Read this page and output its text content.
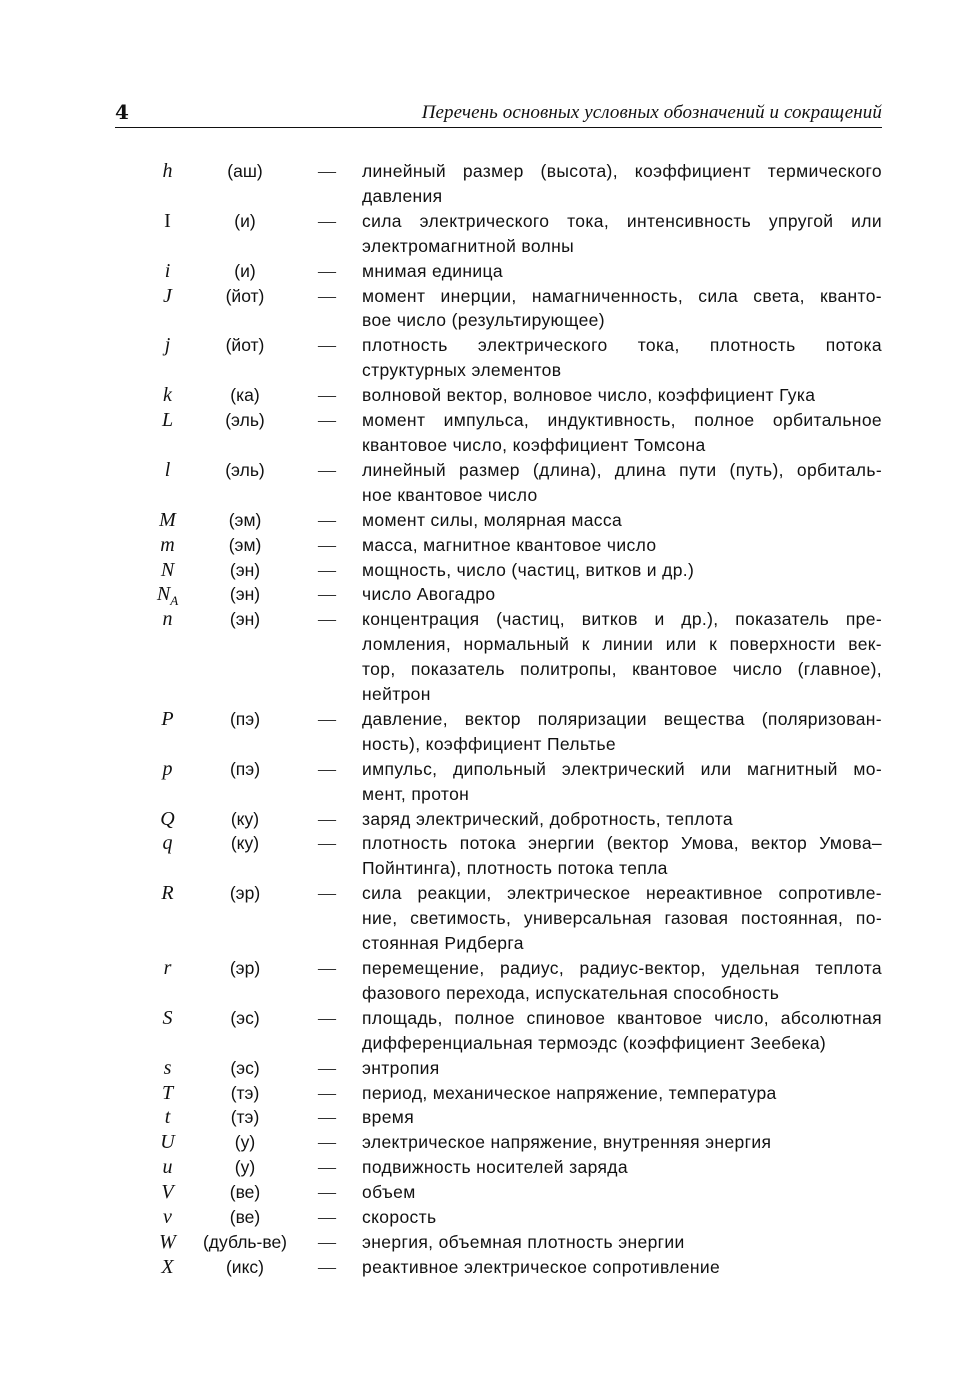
4	Перечень основных условных обозначений и сокращений
h	(аш)	— линейный размер (высота), коэффициент термического
давления
I	(и)	— сила электрического тока, интенсивность упругой или
электромагнитной волны
i	(и)	— мнимая единица
J	(йот)	— момент инерции, намагниченность, сила света, кванто-
вое число (результирующее)
j	(йот)	— плотность электрического тока, плотность потока
структурных элементов
k	(ка)	— волновой вектор, волновое число, коэффициент Гука
L	(эль)	— момент импульса, индуктивность, полное орбитальное
квантовое число, коэффициент Томсона
l	(эль)	— линейный размер (длина), длина пути (путь), орбиталь-
ное квантовое число
M	(эм)	— момент силы, молярная масса
m	(эм)	— масса, магнитное квантовое число
N	(эн)	— мощность, число (частиц, витков и др.)
$N_A$	(эн)	— число Авогадро
n	(эн)	— концентрация (частиц, витков и др.), показатель пре-
ломления, нормальный к линии или к поверхности век-
тор, показатель политропы, квантовое число (главное),
нейтрон
P	(пэ)	— давление, вектор поляризации вещества (поляризован-
ность), коэффициент Пельтье
p	(пэ)	— импульс, дипольный электрический или магнитный мо-
мент, протон
Q	(ку)	— заряд электрический, добротность, теплота
q	(ку)	— плотность потока энергии (вектор Умова, вектор Умова–
Пойнтинга), плотность потока тепла
R	(эр)	— сила реакции, электрическое нереактивное сопротивле-
ние, светимость, универсальная газовая постоянная, по-
стоянная Ридберга
r	(эр)	— перемещение, радиус, радиус-вектор, удельная теплота
фазового перехода, испускательная способность
S	(эс)	— площадь, полное спиновое квантовое число, абсолютная
дифференциальная термоэдс (коэффициент Зеебека)
s	(эс)	— энтропия
T	(тэ)	— период, механическое напряжение, температура
t	(тэ)	— время
U	(у)	— электрическое напряжение, внутренняя энергия
u	(у)	— подвижность носителей заряда
V	(ве)	— объем
v	(ве)	— скорость
W	(дубль-ве)	— энергия, объемная плотность энергии
X	(икс)	— реактивное электрическое сопротивление
